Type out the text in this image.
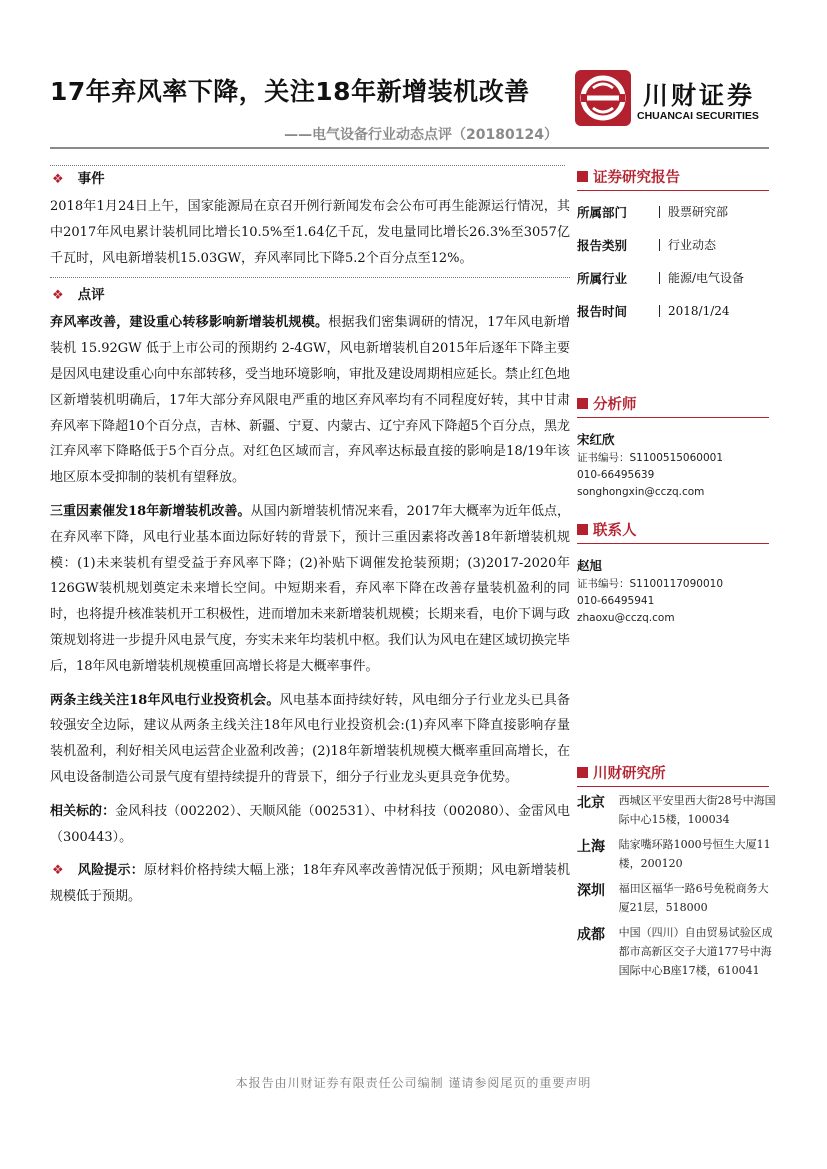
17年弃风率下降，关注18年新增装机改善
——电气设备行业动态点评（20180124）
川财证券
CHUANCAI SECURITIES
❖ 事件

2018年1月24日上午，国家能源局在京召开例行新闻发布会公布可再生能源运行情况，其中2017年风电累计装机同比增长10.5%至1.64亿千瓦，发电量同比增长26.3%至3057亿千瓦时，风电新增装机15.03GW，弃风率同比下降5.2个百分点至12%。

❖ 点评

弃风率改善，建设重心转移影响新增装机规模。根据我们密集调研的情况，17年风电新增装机 15.92GW 低于上市公司的预期约 2-4GW，风电新增装机自2015年后逐年下降主要是因风电建设重心向中东部转移，受当地环境影响，审批及建设周期相应延长。禁止红色地区新增装机明确后，17年大部分弃风限电严重的地区弃风率均有不同程度好转，其中甘肃弃风率下降超10个百分点，吉林、新疆、宁夏、内蒙古、辽宁弃风下降超5个百分点，黑龙江弃风率下降略低于5个百分点。对红色区域而言，弃风率达标最直接的影响是18/19年该地区原本受抑制的装机有望释放。

三重因素催发18年新增装机改善。从国内新增装机情况来看，2017年大概率为近年低点，在弃风率下降，风电行业基本面边际好转的背景下，预计三重因素将改善18年新增装机规模：(1)未来装机有望受益于弃风率下降；(2)补贴下调催发抢装预期；(3)2017-2020年126GW装机规划奠定未来增长空间。中短期来看，弃风率下降在改善存量装机盈利的同时，也将提升核准装机开工积极性，进而增加未来新增装机规模；长期来看，电价下调与政策规划将进一步提升风电景气度，夯实未来年均装机中枢。我们认为风电在建区域切换完毕后，18年风电新增装机规模重回高增长将是大概率事件。

两条主线关注18年风电行业投资机会。风电基本面持续好转，风电细分子行业龙头已具备较强安全边际，建议从两条主线关注18年风电行业投资机会:(1)弃风率下降直接影响存量装机盈利，利好相关风电运营企业盈利改善；(2)18年新增装机规模大概率重回高增长，在风电设备制造公司景气度有望持续提升的背景下，细分子行业龙头更具竞争优势。

相关标的：金风科技（002202）、天顺风能（002531）、中材科技（002080）、金雷风电（300443）。

❖ 风险提示：原材料价格持续大幅上涨；18年弃风率改善情况低于预期；风电新增装机规模低于预期。

证券研究报告
所属部门	股票研究部
报告类别	行业动态
所属行业	能源/电气设备
报告时间	2018/1/24
分析师
宋红欣
证书编号：S1100515060001
010-66495639
songhongxin@cczq.com
联系人
赵旭
证书编号：S1100117090010
010-66495941
zhaoxu@cczq.com
川财研究所
北京	西城区平安里西大街28号中海国际中心15楼，100034
上海	陆家嘴环路1000号恒生大厦11楼，200120
深圳	福田区福华一路6号免税商务大厦21层，518000
成都	中国（四川）自由贸易试验区成都市高新区交子大道177号中海国际中心B座17楼，610041
本报告由川财证券有限责任公司编制 谨请参阅尾页的重要声明
